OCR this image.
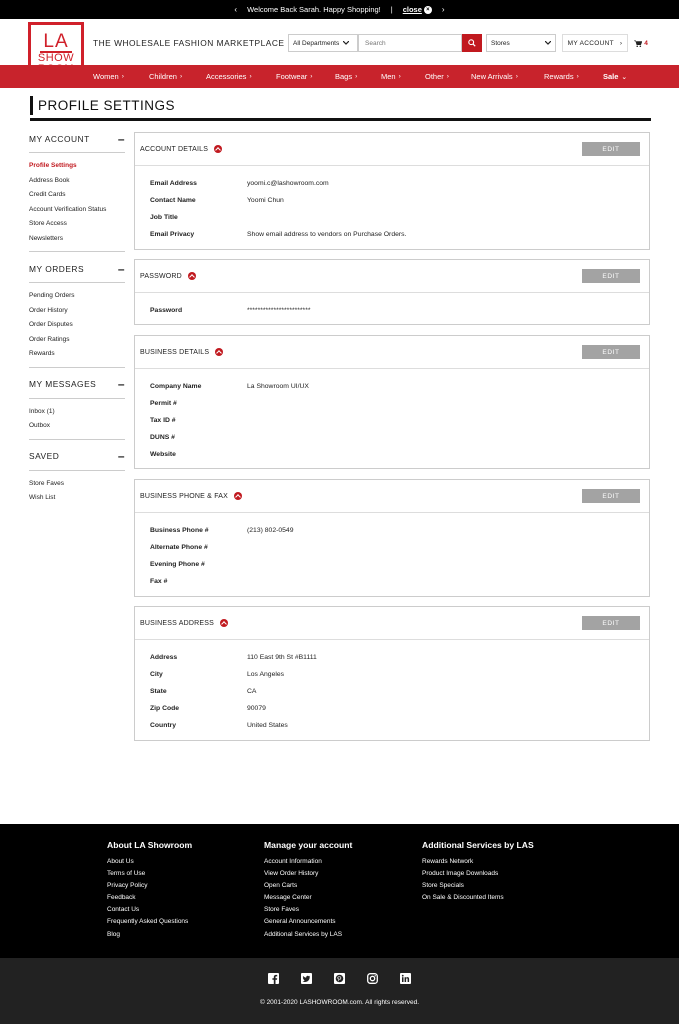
‹ Welcome Back Sarah. Happy Shopping! | close × ›
LA
SHOW
THE WHOLESALE FASHION MARKETPLACE All Departments
Search	Stores	MY ACCOUNT ›	4
Women ›	Children ›	Accessories ›	Footwear ›	Bags ›	Men ›	Other ›	New Arrivals ›	Rewards ›	Sale ⌄
PROFILE SETTINGS
MY ACCOUNT –
Profile Settings
Address Book
Credit Cards
Account Verification Status
Store Access
Newsletters
MY ORDERS	–
Pending Orders
Order History
Order Disputes
Order Ratings
Rewards
MY MESSAGES –
Inbox (1)
Outbox
SAVED	–
Store Faves
Wish List
ACCOUNT DETAILS	EDIT
Email Address	yoomi.c@lashowroom.com
Contact Name	Yoomi Chun
Job Title
Email Privacy	Show email address to vendors on Purchase Orders.
PASSWORD	EDIT
Password	************************
BUSINESS DETAILS	EDIT
Company Name	La Showroom UI/UX
Permit #
Tax ID #
DUNS #
Website
BUSINESS PHONE & FAX	EDIT
Business Phone #	(213) 802-0549
Alternate Phone #
Evening Phone #
Fax #
BUSINESS ADDRESS	EDIT
Address	110 East 9th St #B1111
City	Los Angeles
State	CA
Zip Code	90079
Country	United States
About LA Showroom
About Us
Terms of Use
Privacy Policy
Feedback
Contact Us
Frequently Asked Questions
Blog
Manage your account
Account Information
View Order History
Open Carts
Message Center
Store Faves
General Announcements
Additional Services by LAS
Additional Services by LAS
Rewards Network
Product Image Downloads
Store Specials
On Sale & Discounted Items
© 2001-2020 LASHOWROOM.com. All rights reserved.
